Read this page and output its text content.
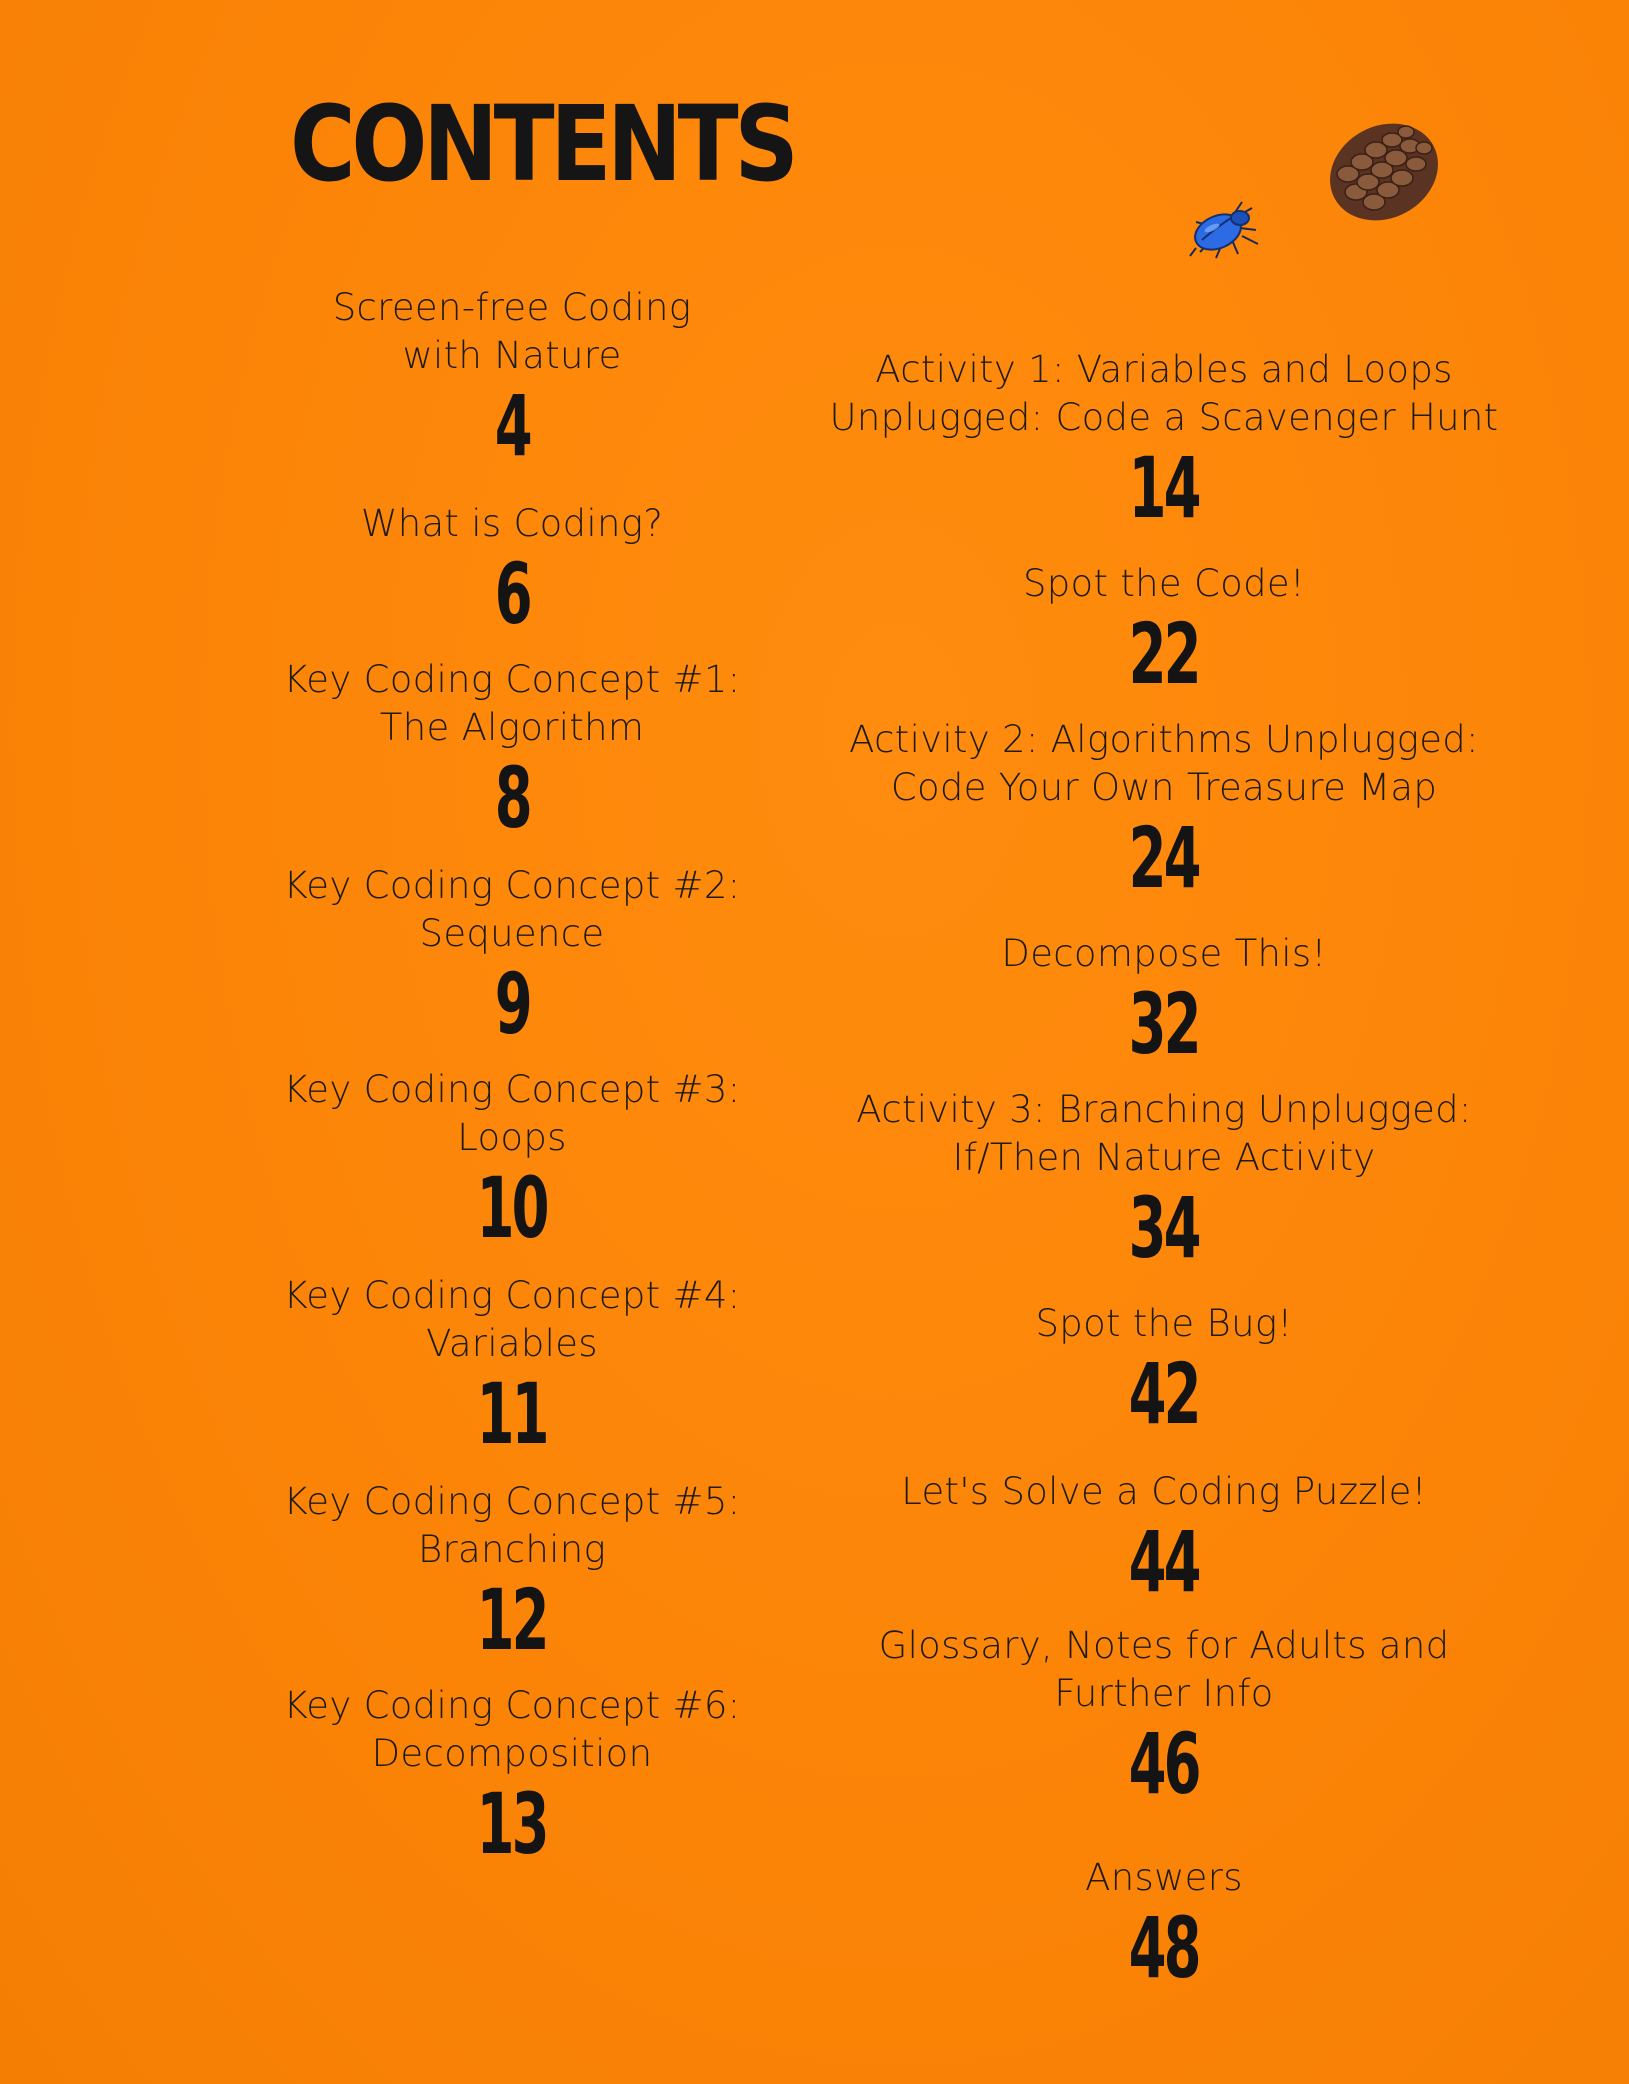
CONTENTS
Screen-free Coding
with Nature
4
What is Coding?
6
Key Coding Concept #1:
The Algorithm
8
Key Coding Concept #2:
Sequence
9
Key Coding Concept #3:
Loops
10
Key Coding Concept #4:
Variables
11
Key Coding Concept #5:
Branching
12
Key Coding Concept #6:
Decomposition
13
Activity 1: Variables and Loops
Unplugged: Code a Scavenger Hunt
14
Spot the Code!
22
Activity 2: Algorithms Unplugged:
Code Your Own Treasure Map
24
Decompose This!
32
Activity 3: Branching Unplugged:
If/Then Nature Activity
34
Spot the Bug!
42
Let's Solve a Coding Puzzle!
44
Glossary, Notes for Adults and
Further Info
46
Answers
48
